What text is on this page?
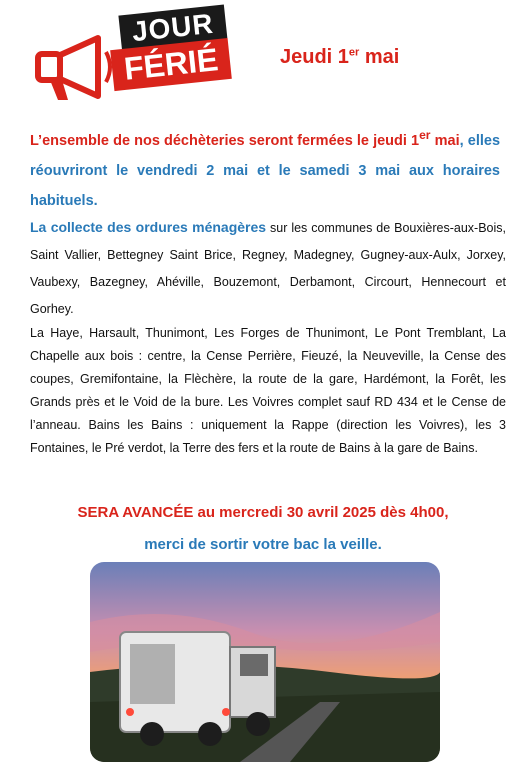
JOUR
FÉRIÉ	Jeudi 1er mai
L’ensemble de nos déchèteries seront fermées le jeudi 1er mai, elles réouvriront le vendredi 2 mai et le samedi 3 mai aux horaires habituels.
La collecte des ordures ménagères sur les communes de Bouxières-aux-Bois, Saint Vallier, Bettegney Saint Brice, Regney, Madegney, Gugney-aux-Aulx, Jorxey, Vaubexy, Bazegney, Ahéville, Bouzemont, Derbamont, Circourt, Hennecourt et Gorhey.
La Haye, Harsault, Thunimont, Les Forges de Thunimont, Le Pont Tremblant, La Chapelle aux bois : centre, la Cense Perrière, Fieuzé, la Neuveville, la Cense des coupes, Gremifontaine, la Flèchère, la route de la gare, Hardémont, la Forêt, les Grands près et le Void de la bure. Les Voivres complet sauf RD 434 et le Cense de l’anneau. Bains les Bains : uniquement la Rappe (direction les Voivres), les 3 Fontaines, le Pré verdot, la Terre des fers et la route de Bains à la gare de Bains.
SERA AVANCÉE au mercredi 30 avril 2025 dès 4h00,
merci de sortir votre bac la veille.
